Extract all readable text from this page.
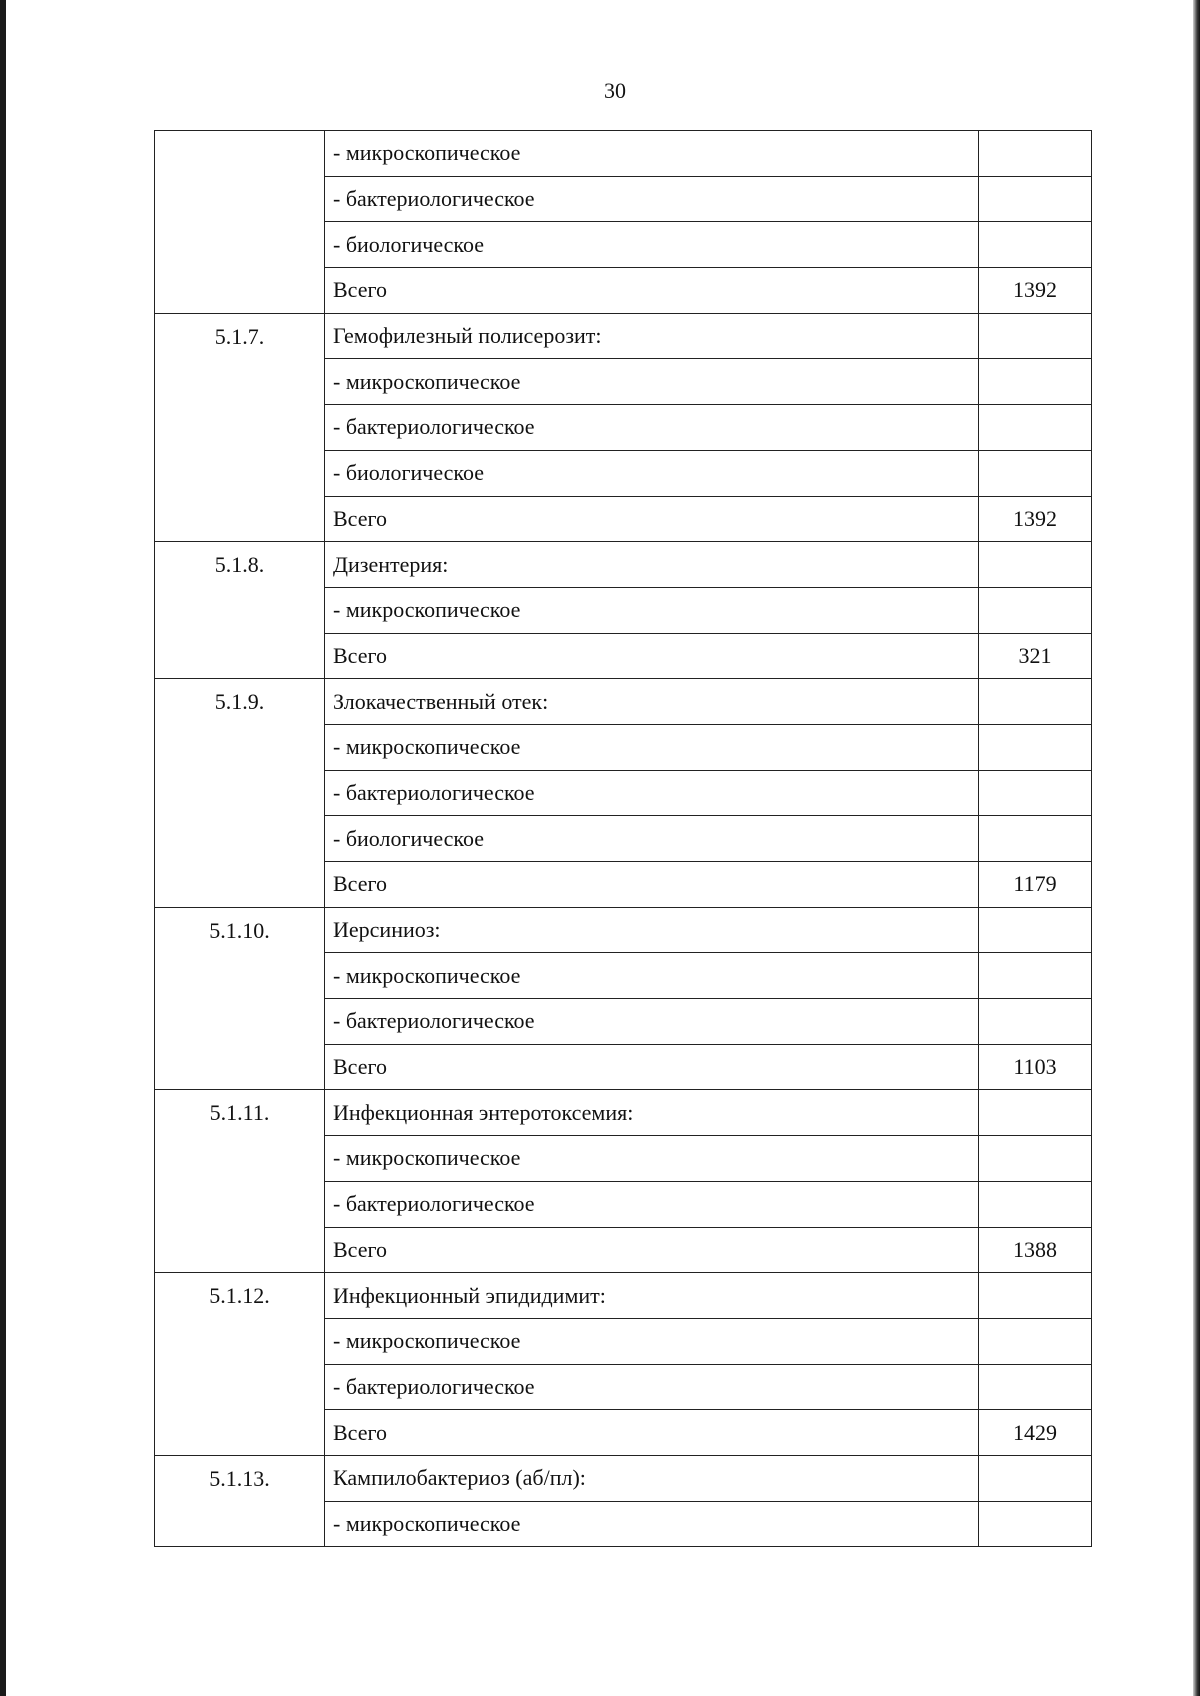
30
	- микроскопическое	
	- бактериологическое	
	- биологическое	
	Всего	1392
5.1.7.	Гемофилезный полисерозит:	
	- микроскопическое	
	- бактериологическое	
	- биологическое	
	Всего	1392
5.1.8.	Дизентерия:	
	- микроскопическое	
	Всего	321
5.1.9.	Злокачественный отек:	
	- микроскопическое	
	- бактериологическое	
	- биологическое	
	Всего	1179
5.1.10.	Иерсиниоз:	
	- микроскопическое	
	- бактериологическое	
	Всего	1103
5.1.11.	Инфекционная энтеротоксемия:	
	- микроскопическое	
	- бактериологическое	
	Всего	1388
5.1.12.	Инфекционный эпидидимит:	
	- микроскопическое	
	- бактериологическое	
	Всего	1429
5.1.13.	Кампилобактериоз (аб/пл):	
	- микроскопическое	
